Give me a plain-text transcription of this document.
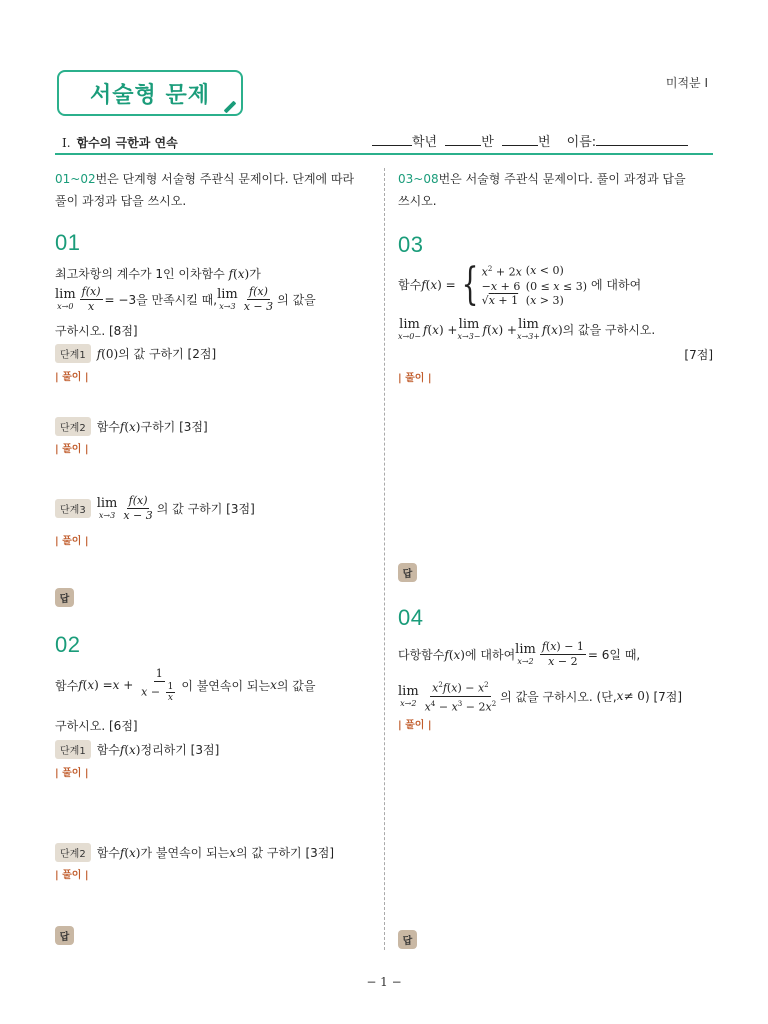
서술형 문제	미적분 I
I. 함수의 극한과 연속	학년	반	번 이름:
01~02번은 단계형 서술형 주관식 문제이다. 단계에 따라
풀이 과정과 답을 쓰시오.
03~08번은 서술형 주관식 문제이다. 풀이 과정과 답을
쓰시오.
01
최고차항의 계수가 1인 이차함수 f(x)가
lim
$x\to 0 \frac{f(x)}{x} = -3$을 만족시킬 때, lim
$x\to 3 \frac{f(x)}{x - 3}$ 의 값을
구하시오. [8점]
단계1 f (0) 의 값 구하기 [2점]
| 풀이 |
단계2 함수 f ( x ) 구하기 [3점]
| 풀이 |
단계3 lim
$x\to 3 \frac{f(x)}{x - 3}$ 의 값 구하기 [3점]
| 풀이 |
답
02
함수 f ( x ) = $x + \frac{1}{x - \frac{1}{x}}$ 이 불연속이 되는 x 의 값을
구하시오. [6점]
단계1 함수 f ( x ) 정리하기 [3점]
| 풀이 |
단계2 함수 f ( x ) 가 불연속이 되는 x 의 값 구하기 [3점]
| 풀이 |
답
03
함수 f ( x ) = { $x^2 + 2x$	(x < 0)
−x + 6	(0 ≤ x ≤ 3)
√x + 1	(x > 3)
에 대하여
lim
x→0− f ( x ) + lim
x→3− f ( x ) + lim
x→3+ f ( x ) 의 값을 구하시오.
[7점]
| 풀이 |
답
04
다항함수 f ( x ) 에 대하여 lim
$x\to 2 \frac{f(x) - 1}{x - 2} = 6$일 때,
lim
$x\to 2 \frac{x^2f(x) - x^2}{x^4 - x^3 - 2x^2}$ 의 값을 구하시오. (단, x ≠ 0 ) [7점]
| 풀이 |
답
− 1 −
